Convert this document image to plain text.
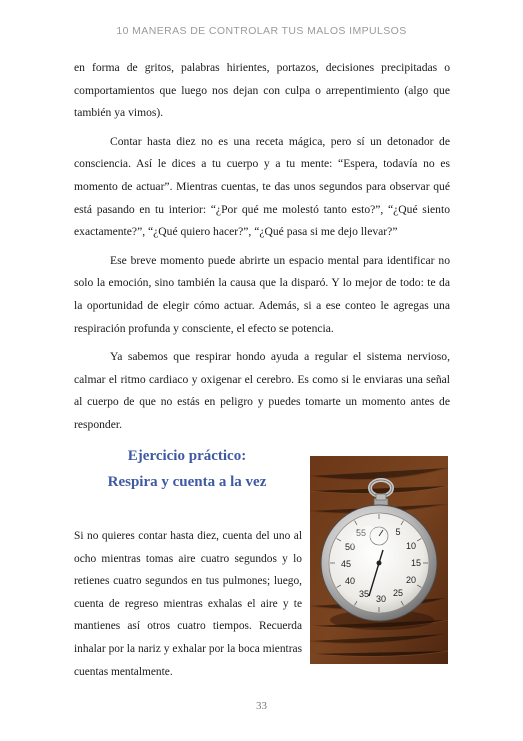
10 MANERAS DE CONTROLAR TUS MALOS IMPULSOS

en forma de gritos, palabras hirientes, portazos, decisiones precipitadas o comportamientos que luego nos dejan con culpa o arrepentimiento (algo que también ya vimos).

Contar hasta diez no es una receta mágica, pero sí un detonador de consciencia. Así le dices a tu cuerpo y a tu mente: “Espera, todavía no es momento de actuar”. Mientras cuentas, te das unos segundos para observar qué está pasando en tu interior: “¿Por qué me molestó tanto esto?”, “¿Qué siento exactamente?”, “¿Qué quiero hacer?”, “¿Qué pasa si me dejo llevar?”

Ese breve momento puede abrirte un espacio mental para identificar no solo la emoción, sino también la causa que la disparó. Y lo mejor de todo: te da la oportunidad de elegir cómo actuar. Además, si a ese conteo le agregas una respiración profunda y consciente, el efecto se potencia.

Ya sabemos que respirar hondo ayuda a regular el sistema nervioso, calmar el ritmo cardiaco y oxigenar el cerebro. Es como si le enviaras una señal al cuerpo de que no estás en peligro y puedes tomarte un momento antes de responder.

Ejercicio práctico:
Respira y cuenta a la vez

Si no quieres contar hasta diez, cuenta del uno al ocho mientras tomas aire cuatro segundos y lo retienes cuatro segundos en tus pulmones; luego, cuenta de regreso mientras exhalas el aire y te mantienes así otros cuatro tiempos. Recuerda inhalar por la nariz y exhalar por la boca mientras cuentas mentalmente.

5
10
15
20
25
30
35
40
45
50
55
33
